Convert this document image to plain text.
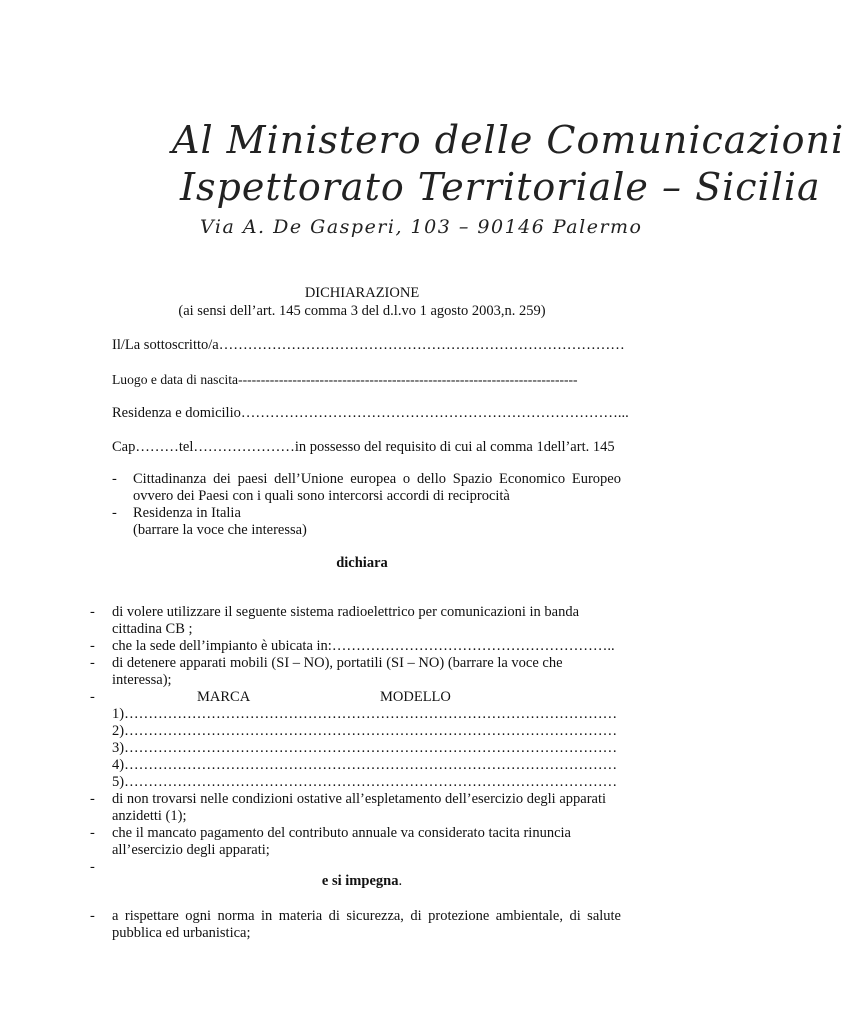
Al Ministero delle Comunicazioni
Ispettorato Territoriale – Sicilia
Via A. De Gasperi, 103 – 90146 Palermo
DICHIARAZIONE
(ai sensi dell’art. 145 comma 3 del d.l.vo 1 agosto 2003,n. 259)
Il/La sottoscritto/a…………………………………………………………………………
Luogo e data di nascita---------------------------------------------------------------------------
Residenza e domicilio……………………………………………………………………...
Cap………tel…………………in possesso del requisito di cui al comma 1dell’art. 145
- Cittadinanza dei paesi dell’Unione europea o dello Spazio Economico Europeo
ovvero dei Paesi con i quali sono intercorsi accordi di reciprocità
- Residenza in Italia
(barrare la voce che interessa)
dichiara
- di volere utilizzare il seguente sistema radioelettrico per comunicazioni in banda
cittadina CB ;
- che la sede dell’impianto è ubicata in:…………………………………………………..
- di detenere apparati mobili (SI – NO), portatili (SI – NO) (barrare la voce che
interessa);
-	MARCA	MODELLO
1)…………………………………………………………………………………………
2)…………………………………………………………………………………………
3)…………………………………………………………………………………………
4)…………………………………………………………………………………………
5)…………………………………………………………………………………………
- di non trovarsi nelle condizioni ostative all’espletamento dell’esercizio degli apparati
anzidetti (1);
- che il mancato pagamento del contributo annuale va considerato tacita rinuncia
all’esercizio degli apparati;
-
e si impegna.
- a rispettare ogni norma in materia di sicurezza, di protezione ambientale, di salute
pubblica ed urbanistica;
